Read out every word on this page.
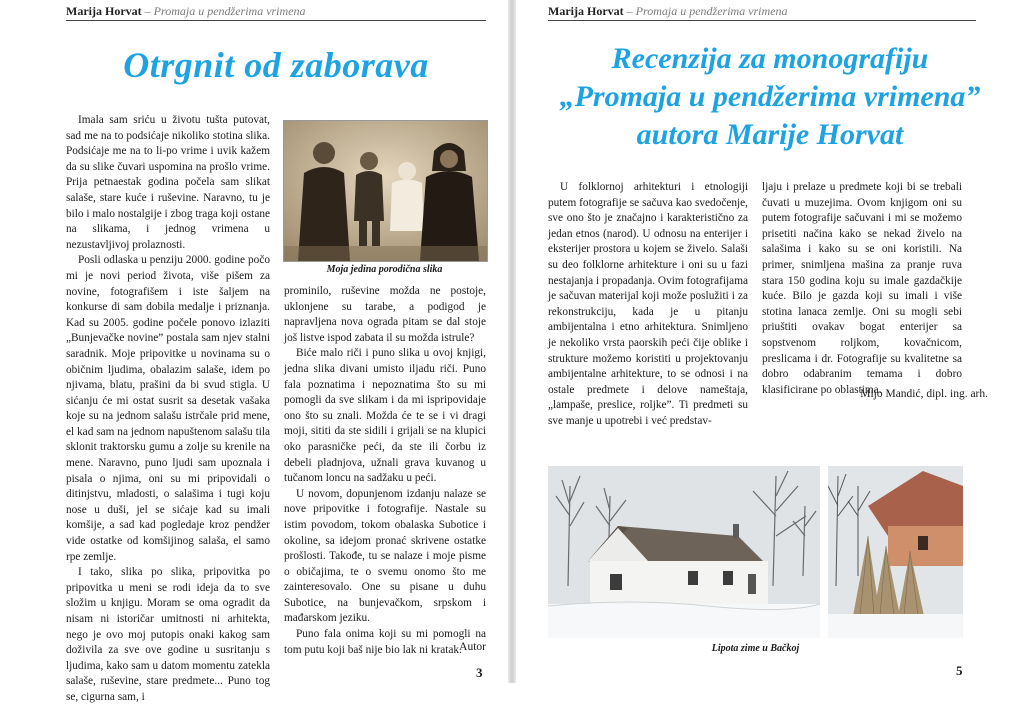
Marija Horvat – Promaja u pendžerima vrimena
Otrgnit od zaborava

Imala sam sriću u životu tušta putovat, sad me na to podsićaje nikoliko stotina slika. Podsićaje me na to li-po vrime i uvik kažem da su slike čuvari uspomina na prošlo vrime. Prija petnaestak godina počela sam slikat salaše, stare kuće i ruševine. Naravno, tu je bilo i malo nostalgije i zbog traga koji ostane na slikama, i jednog vrimena u nezustavljivoj prolaznosti.

Posli odlaska u penziju 2000. godine počo mi je novi period života, više pišem za novine, fotografišem i iste šaljem na konkurse di sam dobila medalje i priznanja. Kad su 2005. godine počele ponovo izlaziti „Bunjevačke novine” postala sam njev stalni saradnik. Moje pripovitke u novinama su o običnim ljudima, obalazim salaše, idem po njivama, blatu, prašini da bi svud stigla. U sićanju će mi ostat susrit sa desetak vašaka koje su na jednom salašu istrčale prid mene, el kad sam na jednom napuštenom salašu tila sklonit traktorsku gumu a zolje su krenile na mene. Naravno, puno ljudi sam upoznala i pisala o njima, oni su mi pripovidali o ditinjstvu, mladosti, o salašima i tugi koju nose u duši, jel se sićaje kad su imali komšije, a sad kad pogledaje kroz pendžer vide ostatke od komšijinog salaša, el samo rpe zemlje.

I tako, slika po slika, pripovitka po pripovitka u meni se rodi ideja da to sve složim u knjigu. Moram se oma ogradit da nisam ni istoričar umitnosti ni arhitekta, nego je ovo moj putopis onaki kakog sam doživila za sve ove godine u susritanju s ljudima, kako sam u datom momentu zatekla salaše, ruševine, stare predmete... Puno tog se, cigurna sam, i

Moja jedina porodična slika

prominilo, ruševine možda ne postoje, uklonjene su tarabe, a podigod je napravljena nova ograda pitam se dal stoje još listve ispod zabata il su možda istrule?

Biće malo riči i puno slika u ovoj knjigi, jedna slika divani umisto iljadu riči. Puno fala poznatima i nepoznatima što su mi pomogli da sve slikam i da mi ispripovidaje ono što su znali. Možda će te se i vi dragi moji, sititi da ste sidili i grijali se na klupici oko parasničke peći, da ste ili čorbu iz debeli pladnjova, užnali grava kuvanog u tučanom loncu na sadžaku u peći.

U novom, dopunjenom izdanju nalaze se nove pripovitke i fotografije. Nastale su istim povodom, tokom obalaska Subotice i okoline, sa idejom pronać skrivene ostatke prošlosti. Takođe, tu se nalaze i moje pisme o običajima, te o svemu onomo što me zainteresovalo. One su pisane u duhu Subotice, na bunjevačkom, srpskom i mađarskom jeziku.

Puno fala onima koji su mi pomogli na tom putu koji baš nije bio lak ni kratak.

Autor
3
Marija Horvat – Promaja u pendžerima vrimena
Recenzija za monografiju
„Promaja u pendžerima vrimena”
autora Marije Horvat

U folklornoj arhitekturi i etnologiji putem fotografije se sačuva kao svedočenje, sve ono što je značajno i karakteristično za jedan etnos (narod). U odnosu na enterijer i eksterijer prostora u kojem se živelo. Salaši su deo folklorne arhitekture i oni su u fazi nestajanja i propadanja. Ovim fotografijama je sačuvan materijal koji može poslužiti i za rekonstrukciju, kada je u pitanju ambijentalna i etno arhitektura. Snimljeno je nekoliko vrsta paorskih peći čije oblike i strukture možemo koristiti u projektovanju ambijentalne arhitekture, to se odnosi i na ostale predmete i delove nameštaja, „lampaše, preslice, roljke”. Ti predmeti su sve manje u upotrebi i već predstav-

ljaju i prelaze u predmete koji bi se trebali čuvati u muzejima. Ovom knjigom oni su putem fotografije sačuvani i mi se možemo prisetiti načina kako se nekad živelo na salašima i kako su se oni koristili. Na primer, snimljena mašina za pranje ruva stara 150 godina koju su imale gazdačkije kuće. Bilo je gazda koji su imali i više stotina lanaca zemlje. Oni su mogli sebi priuštiti ovakav bogat enterijer sa sopstvenom roljkom, kovačnicom, preslicama i dr. Fotografije su kvalitetne sa dobro odabranim temama i dobro klasificirane po oblastima.

Mijo Mandić, dipl. ing. arh.
Lipota zime u Bačkoj
5
